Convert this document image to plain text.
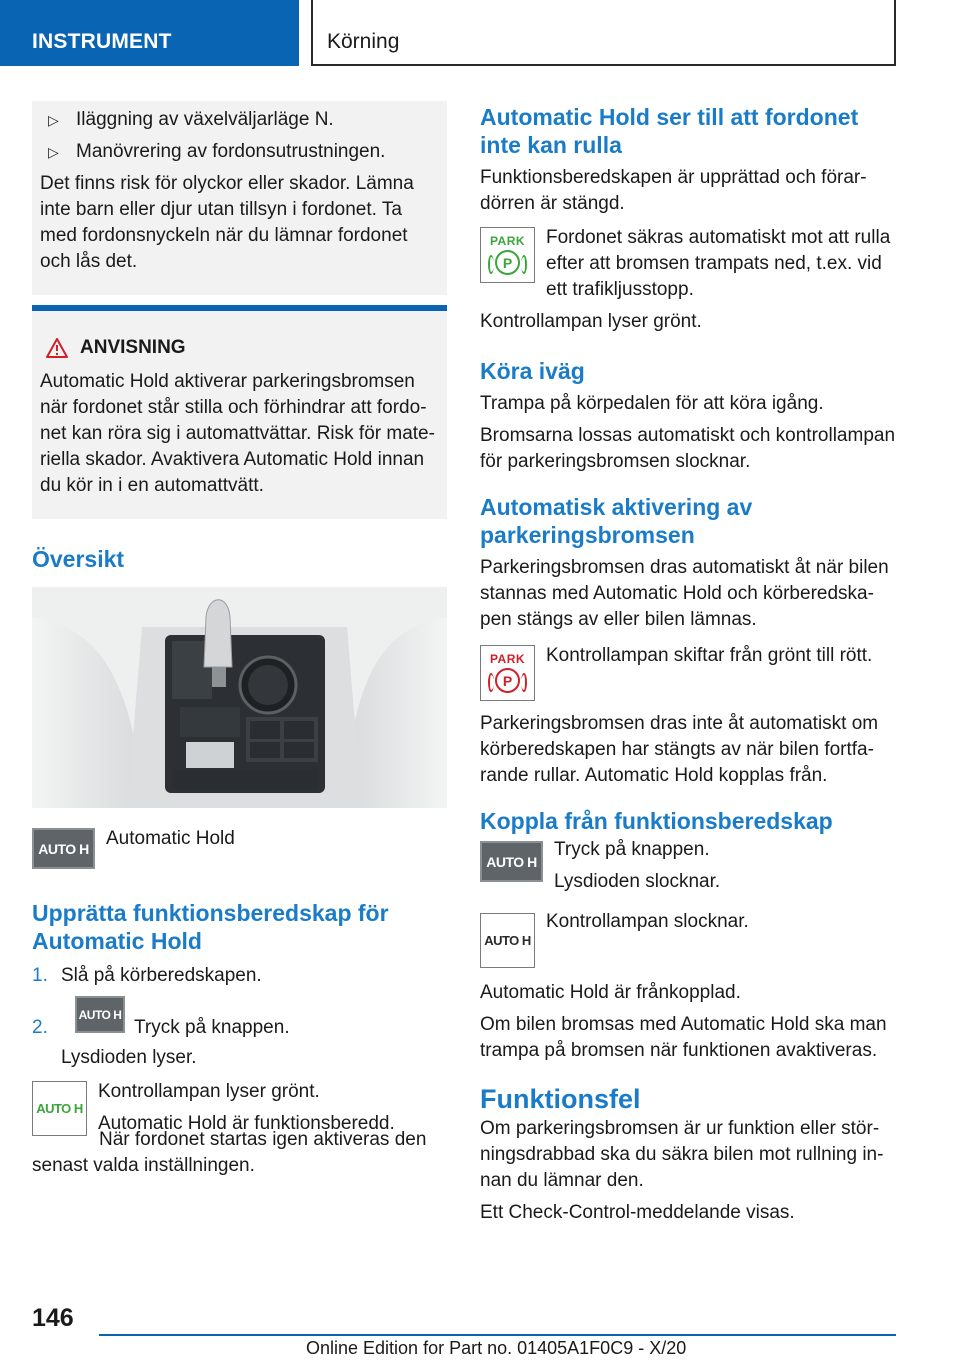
INSTRUMENT	Körning
▷ Iläggning av växelväljarläge N.
▷ Manövrering av fordonsutrustningen.
Det finns risk för olyckor eller skador. Lämna inte barn eller djur utan tillsyn i fordonet. Ta med fordonsnyckeln när du lämnar fordonet och lås det.
ANVISNING
Automatic Hold aktiverar parkeringsbromsen när fordonet står stilla och förhindrar att fordo-net kan röra sig i automattvättar. Risk för mate-riella skador. Avaktivera Automatic Hold innan du kör in i en automattvätt.
Översikt
AUTO H Automatic Hold
Upprätta funktionsberedskap för Automatic Hold
1. Slå på körberedskapen.
2.
AUTO H
Tryck på knappen.
Lysdioden lyser.
AUTO H
Kontrollampan lyser grönt.
Automatic Hold är funktionsberedd.
När fordonet startas igen aktiveras den senast valda inställningen.
Automatic Hold ser till att fordonet inte kan rulla
Funktionsberedskapen är upprättad och förar-dörren är stängd.
PARK
P
Fordonet säkras automatiskt mot att rulla efter att bromsen trampats ned, t.ex. vid ett trafikljusstopp.
Kontrollampan lyser grönt.
Köra iväg
Trampa på körpedalen för att köra igång.
Bromsarna lossas automatiskt och kontrollampan för parkeringsbromsen slocknar.
Automatisk aktivering av parkeringsbromsen
Parkeringsbromsen dras automatiskt åt när bilen stannas med Automatic Hold och körberedska-pen stängs av eller bilen lämnas.
PARK
P
Kontrollampan skiftar från grönt till rött.
Parkeringsbromsen dras inte åt automatiskt om körberedskapen har stängts av när bilen fortfa-rande rullar. Automatic Hold kopplas från.
Koppla från funktionsberedskap
AUTO H
Tryck på knappen.
Lysdioden slocknar.
AUTO H
Kontrollampan slocknar.
Automatic Hold är frånkopplad.
Om bilen bromsas med Automatic Hold ska man trampa på bromsen när funktionen avaktiveras.
Funktionsfel
Om parkeringsbromsen är ur funktion eller stör-ningsdrabbad ska du säkra bilen mot rullning in-nan du lämnar den.
Ett Check-Control-meddelande visas.
146
Online Edition for Part no. 01405A1F0C9 - X/20
